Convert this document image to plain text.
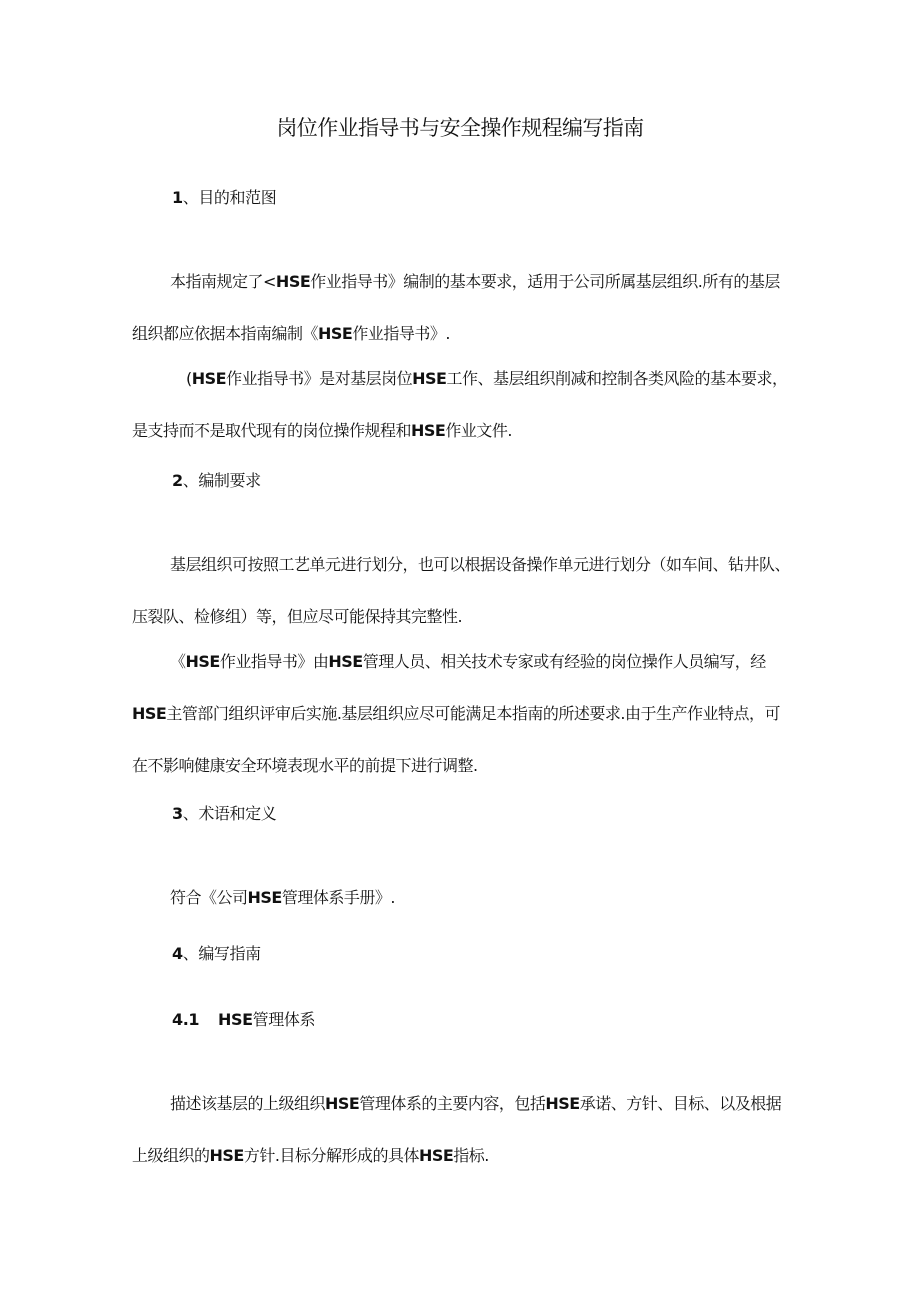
岗位作业指导书与安全操作规程编写指南
1、目的和范图

本指南规定了<HSE作业指导书》编制的基本要求，适用于公司所属基层组织.所有的基层组织都应依据本指南编制《HSE作业指导书》.

(HSE作业指导书》是对基层岗位HSE工作、基层组织削减和控制各类风险的基本要求，是支持而不是取代现有的岗位操作规程和HSE作业文件.

2、编制要求

基层组织可按照工艺单元进行划分，也可以根据设备操作单元进行划分（如车间、钻井队、压裂队、检修组）等，但应尽可能保持其完整性.

《HSE作业指导书》由HSE管理人员、相关技术专家或有经验的岗位操作人员编写，经HSE主管部门组织评审后实施.基层组织应尽可能满足本指南的所述要求.由于生产作业特点，可在不影响健康安全环境表现水平的前提下进行调整.

3、术语和定义

符合《公司HSE管理体系手册》.

4、编写指南
4.1 HSE管理体系

描述该基层的上级组织HSE管理体系的主要内容，包括HSE承诺、方针、目标、以及根据上级组织的HSE方针.目标分解形成的具体HSE指标.
